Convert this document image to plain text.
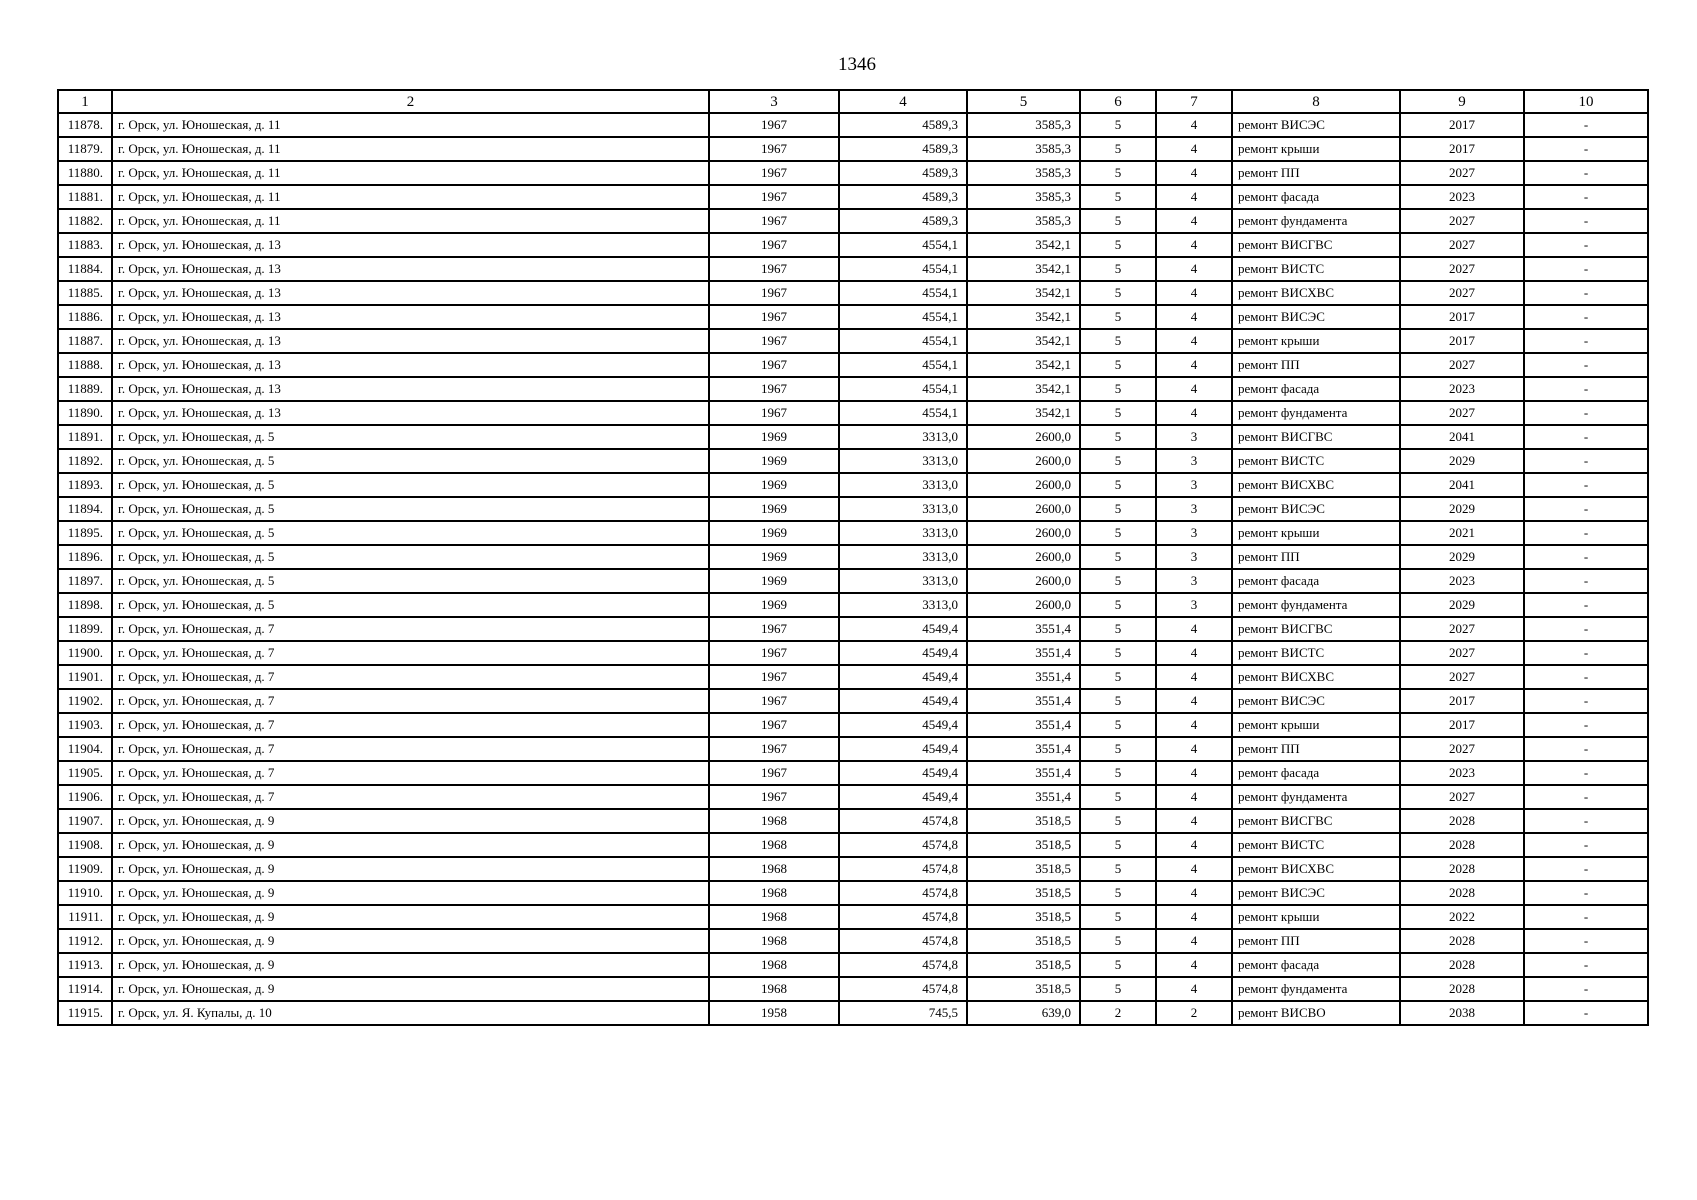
1346
1	2	3	4	5	6	7	8	9	10
11878.	г. Орск, ул. Юношеская, д. 11	1967	4589,3	3585,3	5	4	ремонт ВИСЭС	2017	-
11879.	г. Орск, ул. Юношеская, д. 11	1967	4589,3	3585,3	5	4	ремонт крыши	2017	-
11880.	г. Орск, ул. Юношеская, д. 11	1967	4589,3	3585,3	5	4	ремонт ПП	2027	-
11881.	г. Орск, ул. Юношеская, д. 11	1967	4589,3	3585,3	5	4	ремонт фасада	2023	-
11882.	г. Орск, ул. Юношеская, д. 11	1967	4589,3	3585,3	5	4	ремонт фундамента	2027	-
11883.	г. Орск, ул. Юношеская, д. 13	1967	4554,1	3542,1	5	4	ремонт ВИСГВС	2027	-
11884.	г. Орск, ул. Юношеская, д. 13	1967	4554,1	3542,1	5	4	ремонт ВИСТС	2027	-
11885.	г. Орск, ул. Юношеская, д. 13	1967	4554,1	3542,1	5	4	ремонт ВИСХВС	2027	-
11886.	г. Орск, ул. Юношеская, д. 13	1967	4554,1	3542,1	5	4	ремонт ВИСЭС	2017	-
11887.	г. Орск, ул. Юношеская, д. 13	1967	4554,1	3542,1	5	4	ремонт крыши	2017	-
11888.	г. Орск, ул. Юношеская, д. 13	1967	4554,1	3542,1	5	4	ремонт ПП	2027	-
11889.	г. Орск, ул. Юношеская, д. 13	1967	4554,1	3542,1	5	4	ремонт фасада	2023	-
11890.	г. Орск, ул. Юношеская, д. 13	1967	4554,1	3542,1	5	4	ремонт фундамента	2027	-
11891.	г. Орск, ул. Юношеская, д. 5	1969	3313,0	2600,0	5	3	ремонт ВИСГВС	2041	-
11892.	г. Орск, ул. Юношеская, д. 5	1969	3313,0	2600,0	5	3	ремонт ВИСТС	2029	-
11893.	г. Орск, ул. Юношеская, д. 5	1969	3313,0	2600,0	5	3	ремонт ВИСХВС	2041	-
11894.	г. Орск, ул. Юношеская, д. 5	1969	3313,0	2600,0	5	3	ремонт ВИСЭС	2029	-
11895.	г. Орск, ул. Юношеская, д. 5	1969	3313,0	2600,0	5	3	ремонт крыши	2021	-
11896.	г. Орск, ул. Юношеская, д. 5	1969	3313,0	2600,0	5	3	ремонт ПП	2029	-
11897.	г. Орск, ул. Юношеская, д. 5	1969	3313,0	2600,0	5	3	ремонт фасада	2023	-
11898.	г. Орск, ул. Юношеская, д. 5	1969	3313,0	2600,0	5	3	ремонт фундамента	2029	-
11899.	г. Орск, ул. Юношеская, д. 7	1967	4549,4	3551,4	5	4	ремонт ВИСГВС	2027	-
11900.	г. Орск, ул. Юношеская, д. 7	1967	4549,4	3551,4	5	4	ремонт ВИСТС	2027	-
11901.	г. Орск, ул. Юношеская, д. 7	1967	4549,4	3551,4	5	4	ремонт ВИСХВС	2027	-
11902.	г. Орск, ул. Юношеская, д. 7	1967	4549,4	3551,4	5	4	ремонт ВИСЭС	2017	-
11903.	г. Орск, ул. Юношеская, д. 7	1967	4549,4	3551,4	5	4	ремонт крыши	2017	-
11904.	г. Орск, ул. Юношеская, д. 7	1967	4549,4	3551,4	5	4	ремонт ПП	2027	-
11905.	г. Орск, ул. Юношеская, д. 7	1967	4549,4	3551,4	5	4	ремонт фасада	2023	-
11906.	г. Орск, ул. Юношеская, д. 7	1967	4549,4	3551,4	5	4	ремонт фундамента	2027	-
11907.	г. Орск, ул. Юношеская, д. 9	1968	4574,8	3518,5	5	4	ремонт ВИСГВС	2028	-
11908.	г. Орск, ул. Юношеская, д. 9	1968	4574,8	3518,5	5	4	ремонт ВИСТС	2028	-
11909.	г. Орск, ул. Юношеская, д. 9	1968	4574,8	3518,5	5	4	ремонт ВИСХВС	2028	-
11910.	г. Орск, ул. Юношеская, д. 9	1968	4574,8	3518,5	5	4	ремонт ВИСЭС	2028	-
11911.	г. Орск, ул. Юношеская, д. 9	1968	4574,8	3518,5	5	4	ремонт крыши	2022	-
11912.	г. Орск, ул. Юношеская, д. 9	1968	4574,8	3518,5	5	4	ремонт ПП	2028	-
11913.	г. Орск, ул. Юношеская, д. 9	1968	4574,8	3518,5	5	4	ремонт фасада	2028	-
11914.	г. Орск, ул. Юношеская, д. 9	1968	4574,8	3518,5	5	4	ремонт фундамента	2028	-
11915.	г. Орск, ул. Я. Купалы, д. 10	1958	745,5	639,0	2	2	ремонт ВИСВО	2038	-
